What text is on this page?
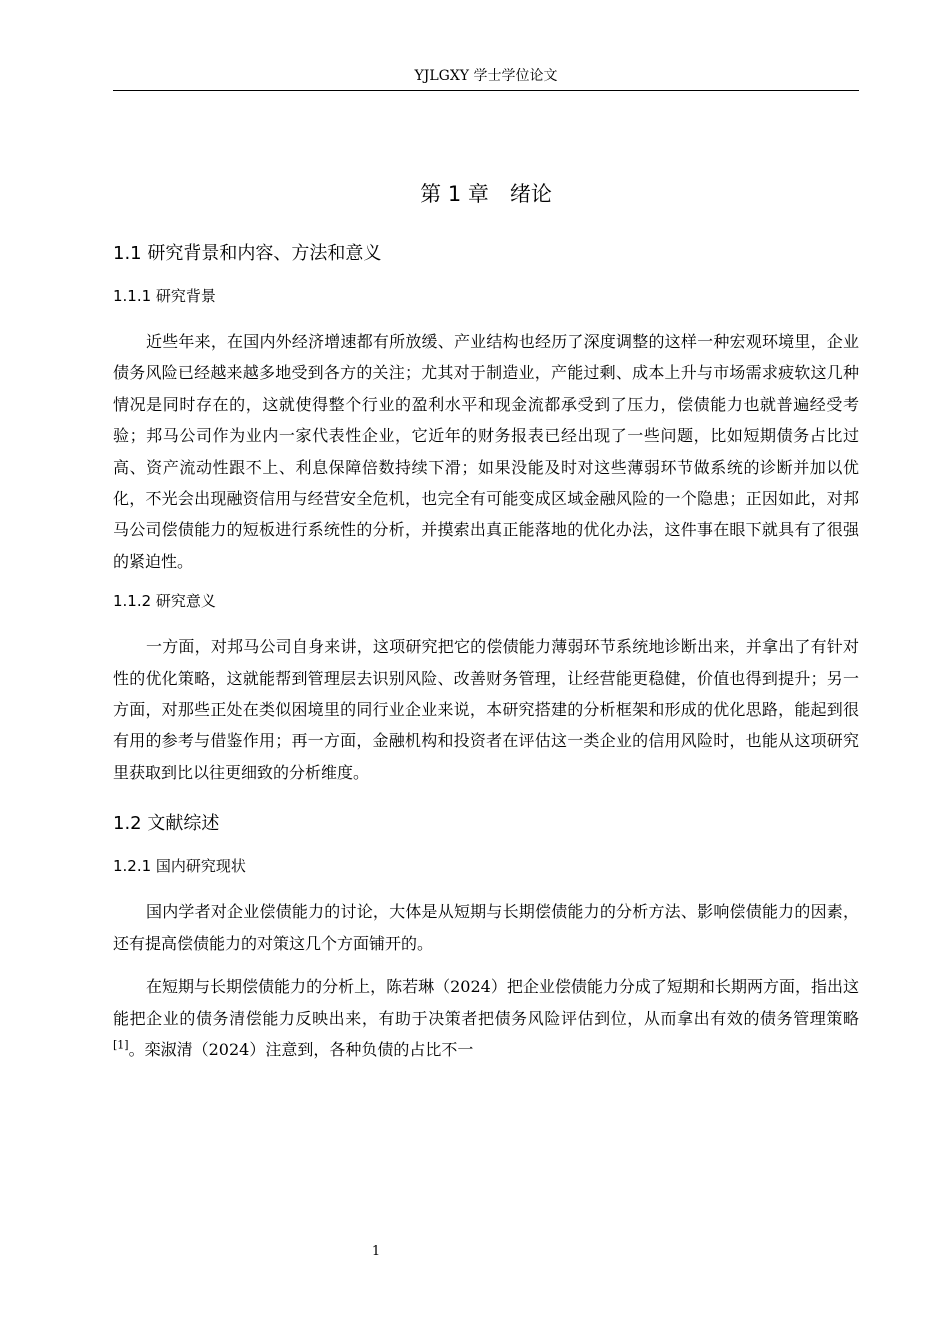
YJLGXY 学士学位论文
第 1 章　绪论
1.1 研究背景和内容、方法和意义
1.1.1 研究背景

近些年来，在国内外经济增速都有所放缓、产业结构也经历了深度调整的这样一种宏观环境里，企业债务风险已经越来越多地受到各方的关注；尤其对于制造业，产能过剩、成本上升与市场需求疲软这几种情况是同时存在的，这就使得整个行业的盈利水平和现金流都承受到了压力，偿债能力也就普遍经受考验；邦马公司作为业内一家代表性企业，它近年的财务报表已经出现了一些问题，比如短期债务占比过高、资产流动性跟不上、利息保障倍数持续下滑；如果没能及时对这些薄弱环节做系统的诊断并加以优化，不光会出现融资信用与经营安全危机，也完全有可能变成区域金融风险的一个隐患；正因如此，对邦马公司偿债能力的短板进行系统性的分析，并摸索出真正能落地的优化办法，这件事在眼下就具有了很强的紧迫性。

1.1.2 研究意义

一方面，对邦马公司自身来讲，这项研究把它的偿债能力薄弱环节系统地诊断出来，并拿出了有针对性的优化策略，这就能帮到管理层去识别风险、改善财务管理，让经营能更稳健，价值也得到提升；另一方面，对那些正处在类似困境里的同行业企业来说，本研究搭建的分析框架和形成的优化思路，能起到很有用的参考与借鉴作用；再一方面，金融机构和投资者在评估这一类企业的信用风险时，也能从这项研究里获取到比以往更细致的分析维度。

1.2 文献综述
1.2.1 国内研究现状

国内学者对企业偿债能力的讨论，大体是从短期与长期偿债能力的分析方法、影响偿债能力的因素，还有提高偿债能力的对策这几个方面铺开的。

在短期与长期偿债能力的分析上，陈若琳（2024）把企业偿债能力分成了短期和长期两方面，指出这能把企业的债务清偿能力反映出来，有助于决策者把债务风险评估到位，从而拿出有效的债务管理策略[1]。栾淑清（2024）注意到，各种负债的占比不一

1
